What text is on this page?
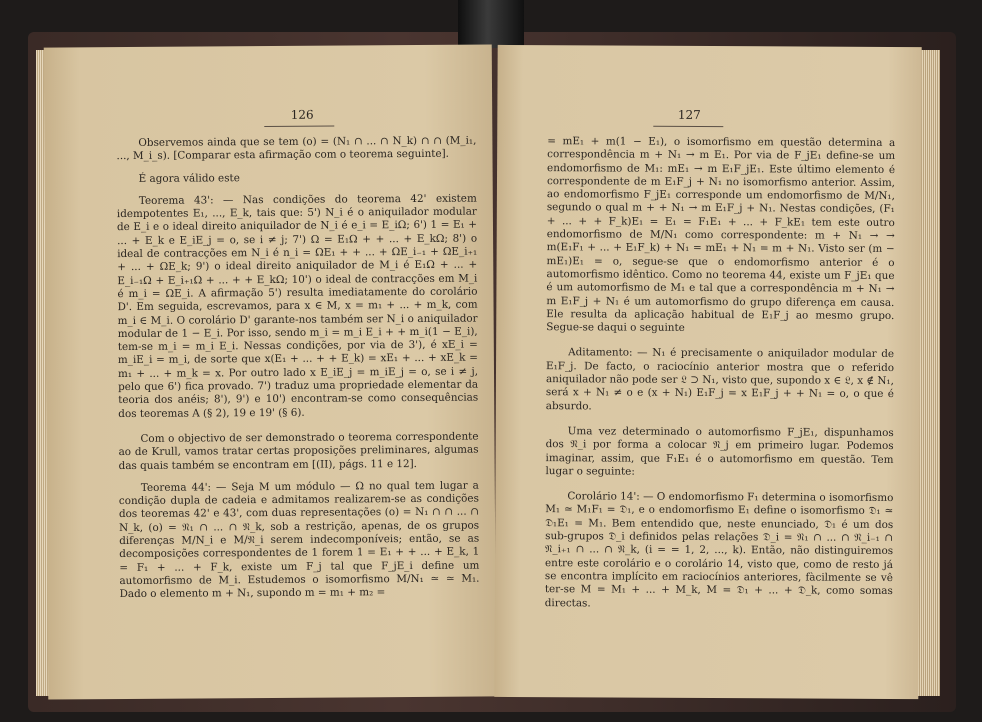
126

Observemos ainda que se tem (o) = (N₁ ∩ ... ∩ N_k) ∩ ∩ (M_i₁, ..., M_i_s). [Comparar esta afirmação com o teorema seguinte].

É agora válido este

Teorema 43': — Nas condições do teorema 42' existem idempotentes E₁, ..., E_k, tais que: 5') N_i é o aniquilador modular de E_i e o ideal direito aniquilador de N_i é e_i = E_iΩ; 6') 1 = E₁ + ... + E_k e E_iE_j = o, se i ≠ j; 7') Ω = E₁Ω + + ... + E_kΩ; 8') o ideal de contracções em N_i é n_i = ΩE₁ + + ... + ΩE_i₋₁ + ΩE_i₊₁ + ... + ΩE_k; 9') o ideal direito aniquilador de M_i é E₁Ω + ... + E_i₋₁Ω + E_i₊₁Ω + ... + + E_kΩ; 10') o ideal de contracções em M_i é m_i = ΩE_i. A afirmação 5') resulta imediatamente do corolário D'. Em seguida, escrevamos, para x ∈ M, x = m₁ + ... + m_k, com m_i ∈ M_i. O corolário D' garante-nos também ser N_i o aniquilador modular de 1 − E_i. Por isso, sendo m_i = m_i E_i + + m_i(1 − E_i), tem-se m_i = m_i E_i. Nessas condições, por via de 3'), é xE_i = m_iE_i = m_i, de sorte que x(E₁ + ... + + E_k) = xE₁ + ... + xE_k = m₁ + ... + m_k = x. Por outro lado x E_iE_j = m_iE_j = o, se i ≠ j, pelo que 6') fica provado. 7') traduz uma propriedade elementar da teoria dos anéis; 8'), 9') e 10') encontram-se como consequências dos teoremas A (§ 2), 19 e 19' (§ 6).

Com o objectivo de ser demonstrado o teorema correspondente ao de Krull, vamos tratar certas proposições preliminares, algumas das quais também se encontram em [(II), págs. 11 e 12].

Teorema 44': — Seja M um módulo — Ω no qual tem lugar a condição dupla de cadeia e admitamos realizarem-se as condições dos teoremas 42' e 43', com duas representações (o) = N₁ ∩ ∩ ... ∩ N_k, (o) = 𝔑₁ ∩ ... ∩ 𝔑_k, sob a restrição, apenas, de os grupos diferenças M/N_i e M/𝔑_i serem indecomponíveis; então, se as decomposições correspondentes de 1 forem 1 = E₁ + + ... + E_k, 1 = F₁ + ... + F_k, existe um F_j tal que F_jE_i define um automorfismo de M_i. Estudemos o isomorfismo M/N₁ ≃ ≃ M₁. Dado o elemento m + N₁, supondo m = m₁ + m₂ =

127

= mE₁ + m(1 − E₁), o isomorfismo em questão determina a correspondência m + N₁ → m E₁. Por via de F_jE₁ define-se um endomorfismo de M₁: mE₁ → m E₁F_jE₁. Este último elemento é correspondente de m E₁F_j + N₁ no isomorfismo anterior. Assim, ao endomorfismo F_jE₁ corresponde um endomorfismo de M/N₁, segundo o qual m + + N₁ → m E₁F_j + N₁. Nestas condições, (F₁ + ... + + F_k)E₁ = E₁ = F₁E₁ + ... + F_kE₁ tem este outro endomorfismo de M/N₁ como correspondente: m + N₁ → → m(E₁F₁ + ... + E₁F_k) + N₁ = mE₁ + N₁ = m + N₁. Visto ser (m − mE₁)E₁ = o, segue-se que o endomorfismo anterior é o automorfismo idêntico. Como no teorema 44, existe um F_jE₁ que é um automorfismo de M₁ e tal que a correspondência m + N₁ → m E₁F_j + N₁ é um automorfismo do grupo diferença em causa. Ele resulta da aplicação habitual de E₁F_j ao mesmo grupo. Segue-se daqui o seguinte

Aditamento: — N₁ é precisamente o aniquilador modular de E₁F_j. De facto, o raciocínio anterior mostra que o referido aniquilador não pode ser 𝔏 ⊃ N₁, visto que, supondo x ∈ 𝔏, x ∉ N₁, será x + N₁ ≠ o e (x + N₁) E₁F_j = x E₁F_j + + N₁ = o, o que é absurdo.

Uma vez determinado o automorfismo F_jE₁, dispunhamos dos 𝔑_i por forma a colocar 𝔑_j em primeiro lugar. Podemos imaginar, assim, que F₁E₁ é o automorfismo em questão. Tem lugar o seguinte:

Corolário 14': — O endomorfismo F₁ determina o isomorfismo M₁ ≃ M₁F₁ = 𝔇₁, e o endomorfismo E₁ define o isomorfismo 𝔇₁ ≃ 𝔇₁E₁ = M₁. Bem entendido que, neste enunciado, 𝔇₁ é um dos sub-grupos 𝔇_i definidos pelas relações 𝔇_i = 𝔑₁ ∩ ... ∩ 𝔑_i₋₁ ∩ 𝔑_i₊₁ ∩ ... ∩ 𝔑_k, (i = = 1, 2, ..., k). Então, não distinguiremos entre este corolário e o corolário 14, visto que, como de resto já se encontra implícito em raciocínios anteriores, fàcilmente se vê ter-se M = M₁ + ... + M_k, M = 𝔇₁ + ... + 𝔇_k, como somas directas.
